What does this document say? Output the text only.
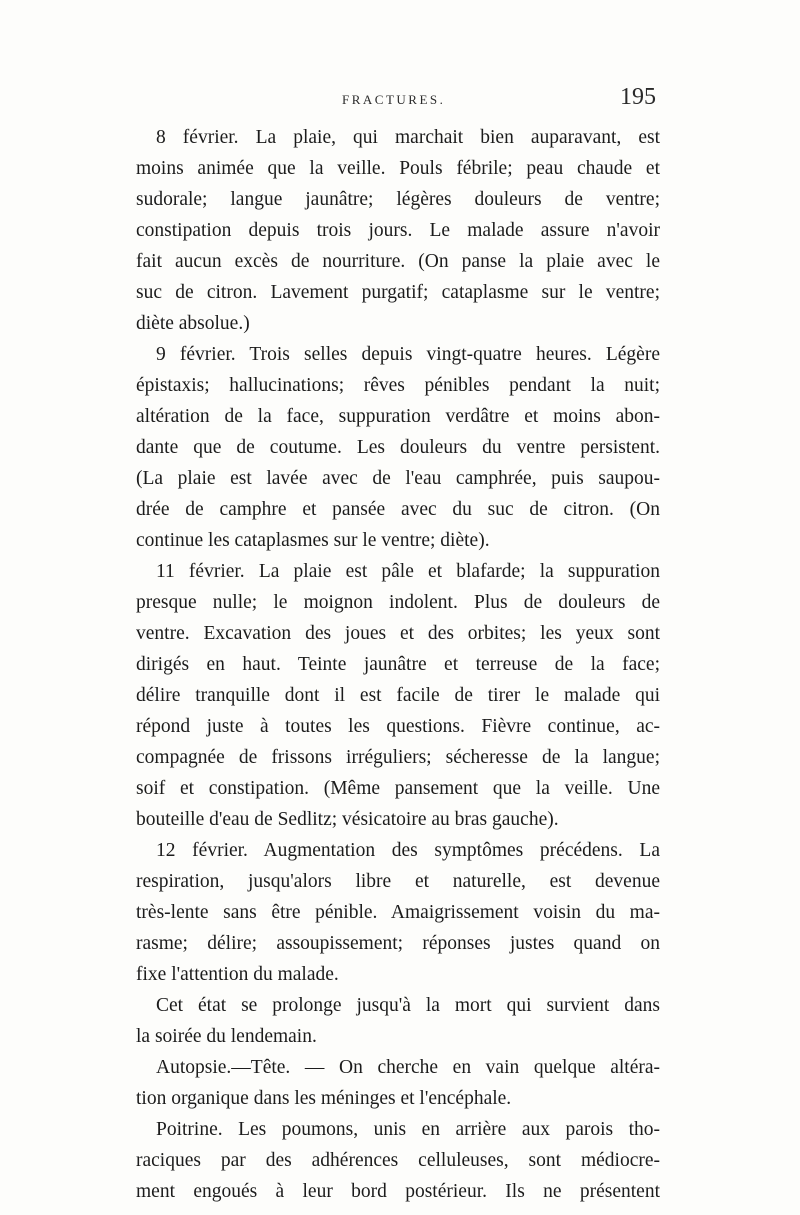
FRACTURES.	195
8 février. La plaie, qui marchait bien auparavant, est
moins animée que la veille. Pouls fébrile; peau chaude et
sudorale; langue jaunâtre; légères douleurs de ventre;
constipation depuis trois jours. Le malade assure n'avoir
fait aucun excès de nourriture. (On panse la plaie avec le
suc de citron. Lavement purgatif; cataplasme sur le ventre;
diète absolue.)
9 février. Trois selles depuis vingt-quatre heures. Légère
épistaxis; hallucinations; rêves pénibles pendant la nuit;
altération de la face, suppuration verdâtre et moins abon-
dante que de coutume. Les douleurs du ventre persistent.
(La plaie est lavée avec de l'eau camphrée, puis saupou-
drée de camphre et pansée avec du suc de citron. (On
continue les cataplasmes sur le ventre; diète).
11 février. La plaie est pâle et blafarde; la suppuration
presque nulle; le moignon indolent. Plus de douleurs de
ventre. Excavation des joues et des orbites; les yeux sont
dirigés en haut. Teinte jaunâtre et terreuse de la face;
délire tranquille dont il est facile de tirer le malade qui
répond juste à toutes les questions. Fièvre continue, ac-
compagnée de frissons irréguliers; sécheresse de la langue;
soif et constipation. (Même pansement que la veille. Une
bouteille d'eau de Sedlitz; vésicatoire au bras gauche).
12 février. Augmentation des symptômes précédens. La
respiration, jusqu'alors libre et naturelle, est devenue
très-lente sans être pénible. Amaigrissement voisin du ma-
rasme; délire; assoupissement; réponses justes quand on
fixe l'attention du malade.
Cet état se prolonge jusqu'à la mort qui survient dans
la soirée du lendemain.
Autopsie.—Tête. — On cherche en vain quelque altéra-
tion organique dans les méninges et l'encéphale.
Poitrine. Les poumons, unis en arrière aux parois tho-
raciques par des adhérences celluleuses, sont médiocre-
ment engoués à leur bord postérieur. Ils ne présentent
